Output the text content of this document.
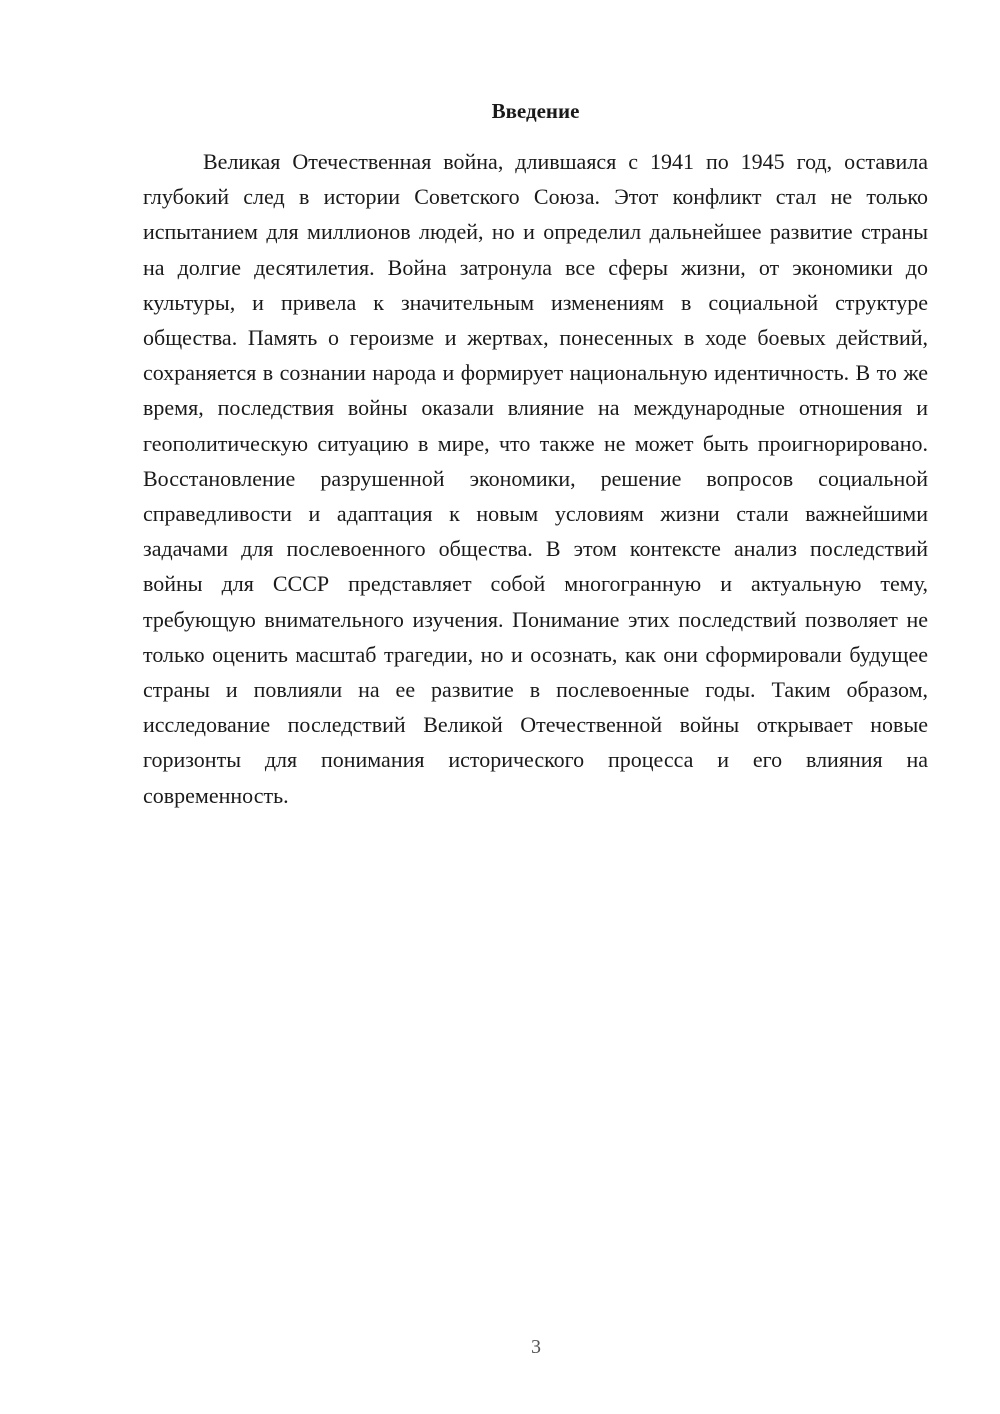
Введение

Великая Отечественная война, длившаяся с 1941 по 1945 год, оставила глубокий след в истории Советского Союза. Этот конфликт стал не только испытанием для миллионов людей, но и определил дальнейшее развитие страны на долгие десятилетия. Война затронула все сферы жизни, от экономики до культуры, и привела к значительным изменениям в социальной структуре общества. Память о героизме и жертвах, понесенных в ходе боевых действий, сохраняется в сознании народа и формирует национальную идентичность. В то же время, последствия войны оказали влияние на международные отношения и геополитическую ситуацию в мире, что также не может быть проигнорировано. Восстановление разрушенной экономики, решение вопросов социальной справедливости и адаптация к новым условиям жизни стали важнейшими задачами для послевоенного общества. В этом контексте анализ последствий войны для СССР представляет собой многогранную и актуальную тему, требующую внимательного изучения. Понимание этих последствий позволяет не только оценить масштаб трагедии, но и осознать, как они сформировали будущее страны и повлияли на ее развитие в послевоенные годы. Таким образом, исследование последствий Великой Отечественной войны открывает новые горизонты для понимания исторического процесса и его влияния на современность.

3
